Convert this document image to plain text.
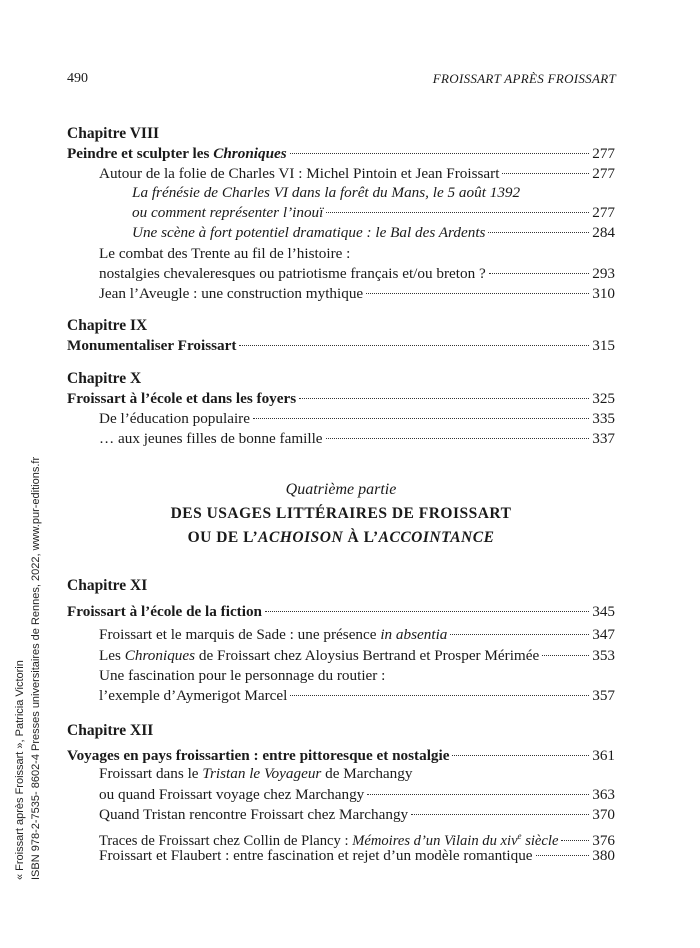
490	FROISSART APRÈS FROISSART
Chapitre VIII
Peindre et sculpter les Chroniques	277
Autour de la folie de Charles VI : Michel Pintoin et Jean Froissart	277
La frénésie de Charles VI dans la forêt du Mans, le 5 août 1392
ou comment représenter l’inouï	277
Une scène à fort potentiel dramatique : le Bal des Ardents	284
Le combat des Trente au fil de l’histoire :
nostalgies chevaleresques ou patriotisme français et/ou breton ?	293
Jean l’Aveugle : une construction mythique	310
Chapitre IX
Monumentaliser Froissart	315
Chapitre X
Froissart à l’école et dans les foyers	325
De l’éducation populaire	335
… aux jeunes filles de bonne famille	337
Chapitre XI
Froissart à l’école de la fiction	345
Froissart et le marquis de Sade : une présence in absentia	347
Les Chroniques de Froissart chez Aloysius Bertrand et Prosper Mérimée	353
Une fascination pour le personnage du routier :
l’exemple d’Aymerigot Marcel	357
Chapitre XII
Voyages en pays froissartien : entre pittoresque et nostalgie	361
Froissart dans le Tristan le Voyageur de Marchangy
ou quand Froissart voyage chez Marchangy	363
Quand Tristan rencontre Froissart chez Marchangy	370
Traces de Froissart chez Collin de Plancy : Mémoires d’un Vilain du xiv$^e$ siècle 376
Froissart et Flaubert : entre fascination et rejet d’un modèle romantique	380
Quatrième partie
DES USAGES LITTÉRAIRES DE FROISSART
OU DE L’ACHOISON À L’ACCOINTANCE
« Froissart après Froissart », Patricia Victorin ISBN 978-2-7535- 8602-4 Presses universitaires de Rennes, 2022, www.pur-editions.fr
